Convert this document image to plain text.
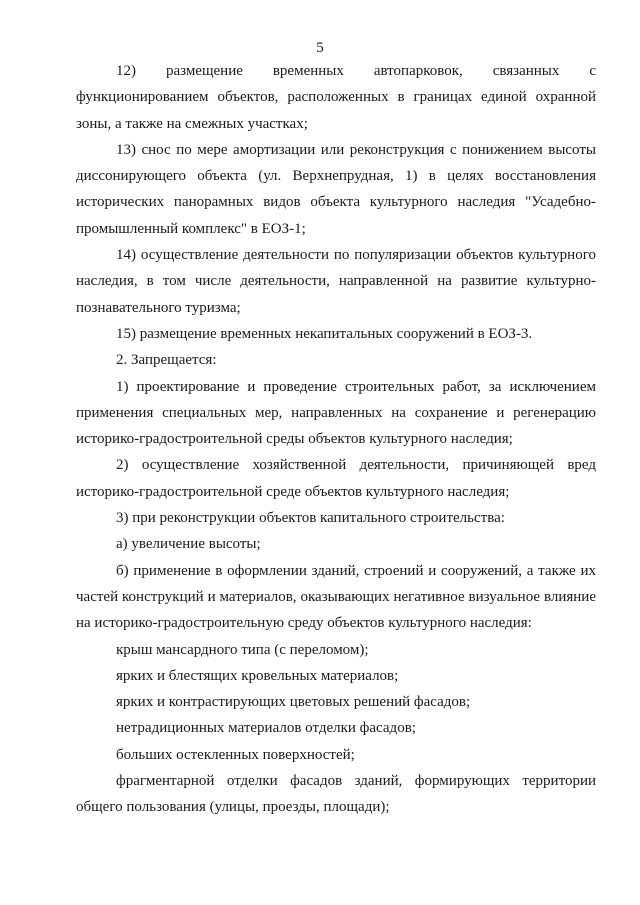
5

12) размещение временных автопарковок, связанных с функционированием объектов, расположенных в границах единой охранной зоны, а также на смежных участках;

13) снос по мере амортизации или реконструкция с понижением высоты диссонирующего объекта (ул. Верхнепрудная, 1) в целях восстановления исторических панорамных видов объекта культурного наследия "Усадебно-промышленный комплекс" в ЕОЗ-1;

14) осуществление деятельности по популяризации объектов культурного наследия, в том числе деятельности, направленной на развитие культурно-познавательного туризма;

15) размещение временных некапитальных сооружений в ЕОЗ-3.

2. Запрещается:

1) проектирование и проведение строительных работ, за исключением применения специальных мер, направленных на сохранение и регенерацию историко-градостроительной среды объектов культурного наследия;

2) осуществление хозяйственной деятельности, причиняющей вред историко-градостроительной среде объектов культурного наследия;

3) при реконструкции объектов капитального строительства:

а) увеличение высоты;

б) применение в оформлении зданий, строений и сооружений, а также их частей конструкций и материалов, оказывающих негативное визуальное влияние на историко-градостроительную среду объектов культурного наследия:

крыш мансардного типа (с переломом);

ярких и блестящих кровельных материалов;

ярких и контрастирующих цветовых решений фасадов;

нетрадиционных материалов отделки фасадов;

больших остекленных поверхностей;

фрагментарной отделки фасадов зданий, формирующих территории общего пользования (улицы, проезды, площади);
